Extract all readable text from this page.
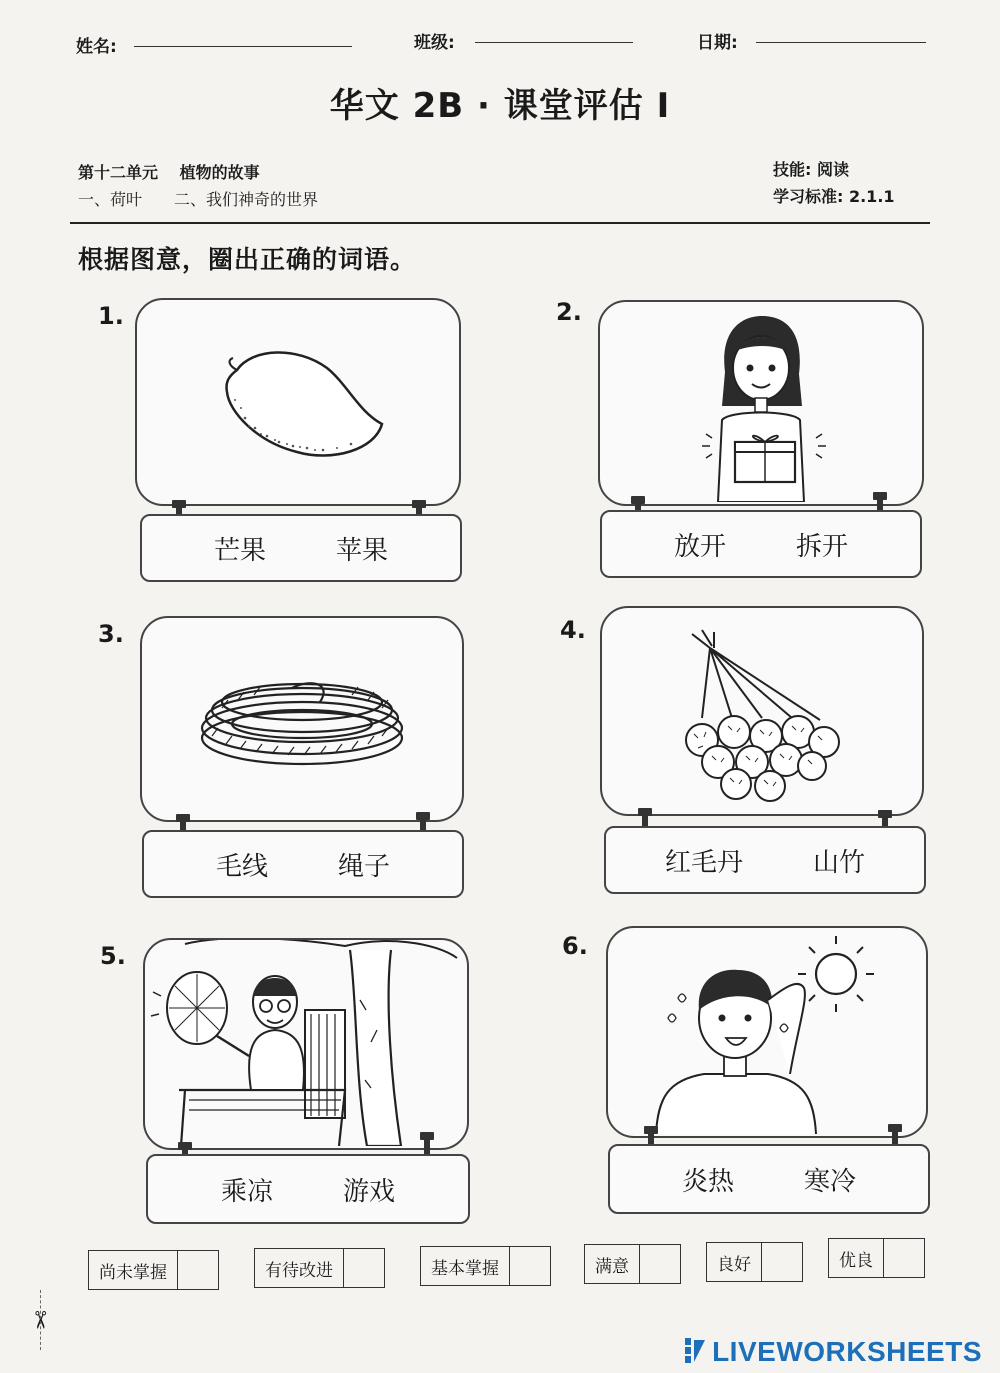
姓名:	班级:	日期:
华文 2B · 课堂评估 I
第十二单元 植物的故事
一、荷叶　　二、我们神奇的世界
技能: 阅读
学习标准: 2.1.1
根据图意，圈出正确的词语。
1.
芒果	苹果
2.
放开	拆开
3.
毛线	绳子
4.
红毛丹	山竹
5.
乘凉	游戏
6.
炎热	寒冷
尚未掌握	有待改进	基本掌握	满意	良好	优良
✂
LIVEWORKSHEETS
